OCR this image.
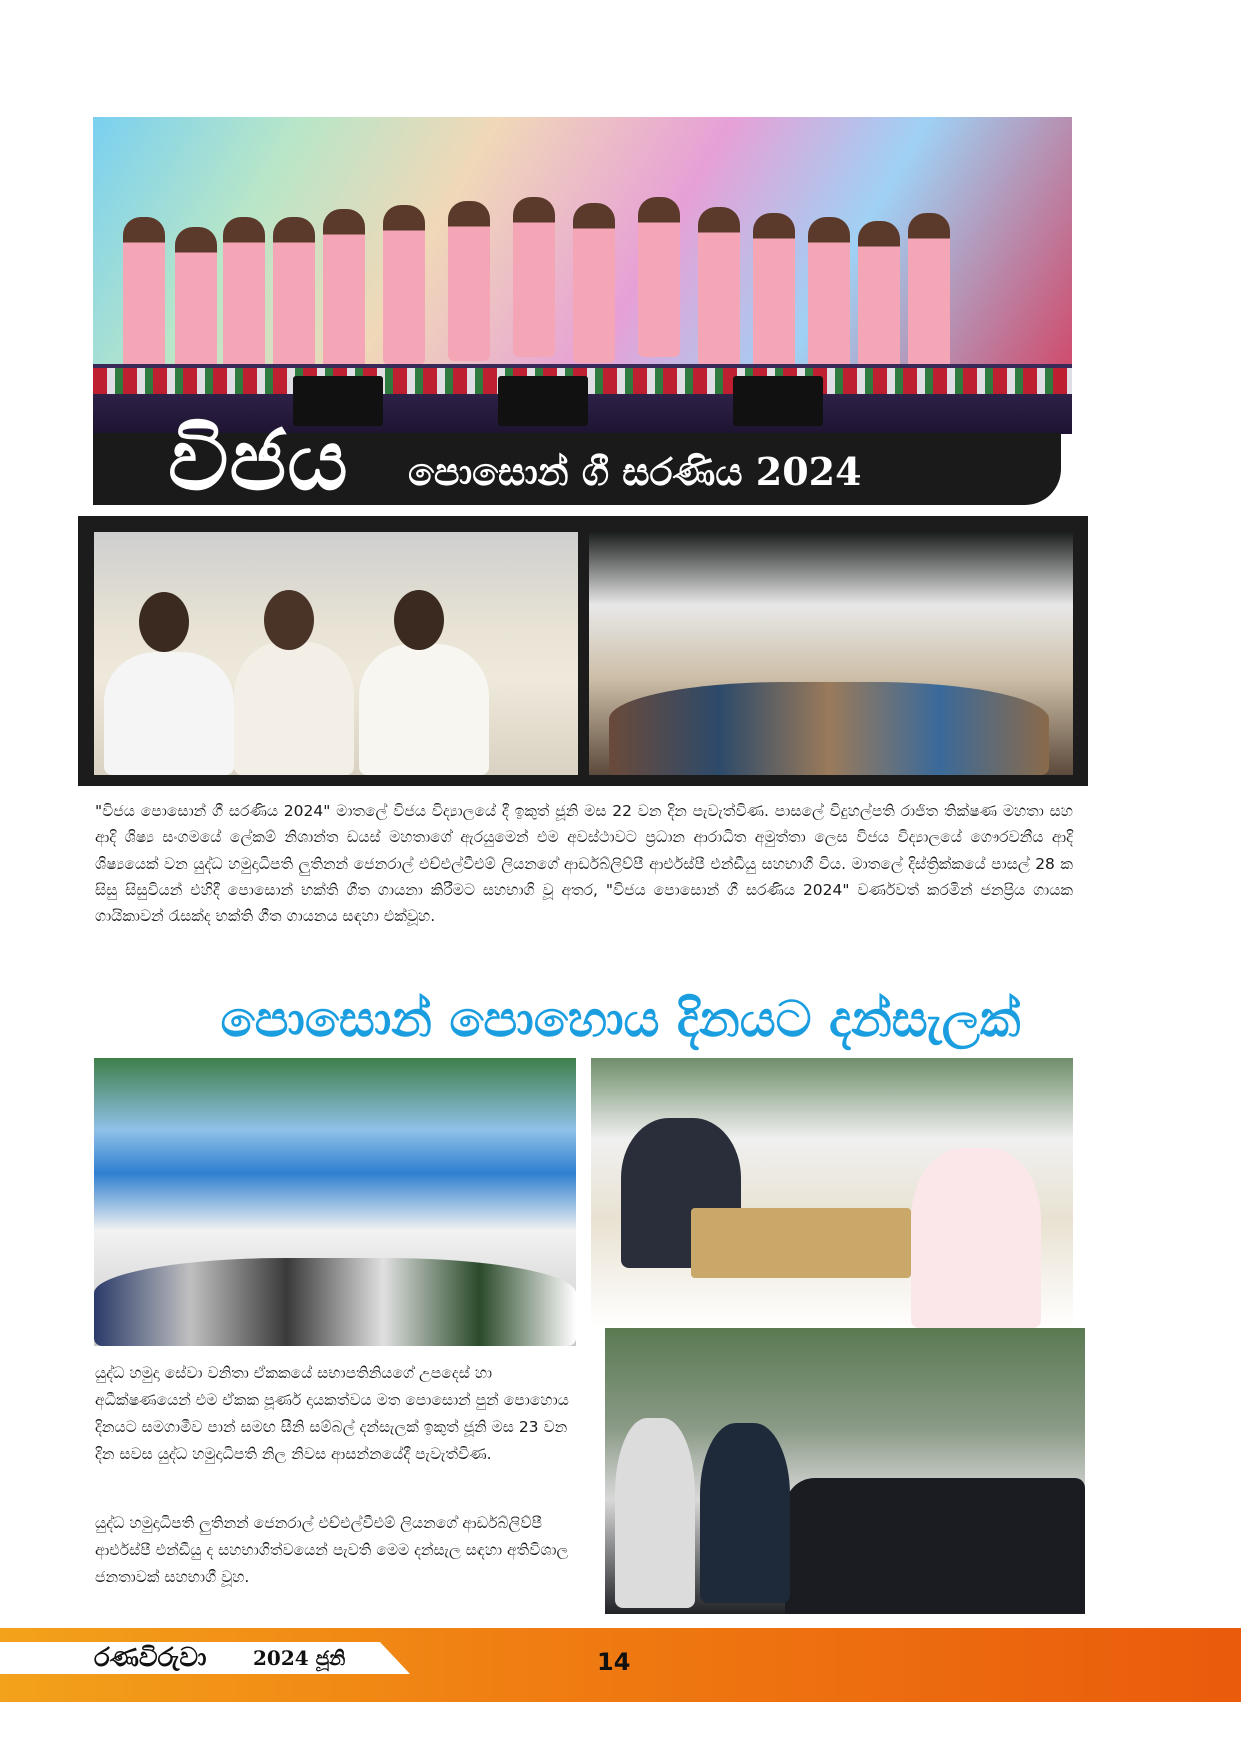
විජය පොසොන් ගී සරණිය 2024

"විජය පොසොන් ගී සරණිය 2024" මාතලේ විජය විද්‍යාලයේ දී ඉකුත් ජූනි මස 22 වන දින පැවැත්විණ. පාසලේ විදුහල්පති රාජිත තික්ෂණ මහතා සහ ආදි ශිෂ්‍ය සංගමයේ ලේකම් නිශාන්ත ඩයස් මහතාගේ ඇරයුමෙන් එම අවස්ථාවට ප්‍රධාන ආරාධිත අමුත්තා ලෙස විජය විද්‍යාලයේ ගෞරවනීය ආදි ශිෂ්‍යයෙක් වන යුද්ධ හමුදාධිපති ලුතිනන් ජෙනරාල් එච්එල්වීඑම් ලියනගේ ආර්ඩබ්ලිව්පී ආර්එස්පී එන්ඩීයු සහභාගී විය. මාතලේ දිස්ත්‍රික්කයේ පාසල් 28 ක සිසු සිසුවියන් එහිදී පොසොන් භක්ති ගීත ගායනා කිරීමට සහභාගි වූ අතර, "විජය පොසොන් ගී සරණිය 2024" වර්ණවත් කරමින් ජනප්‍රිය ගායක ගායිකාවන් රැසක්ද භක්ති ගීත ගායනය සඳහා එක්වූහ.

පොසොන් පොහොය දිනයට දන්සැලක්

යුද්ධ හමුදා සේවා වනිතා ඒකකයේ සභාපතිනියගේ උපදෙස් හා අධීක්ෂණයෙන් එම ඒකක පූර්ණ දායකත්වය මත පොසොන් පුන් පොහොය දිනයට සමගාමීව පාන් සමඟ සීනි සම්බල් දන්සැලක් ඉකුත් ජූනි මස 23 වන දින සවස යුද්ධ හමුදාධිපති නිල නිවස ආසන්නයේදී පැවැත්විණ.

යුද්ධ හමුදාධිපති ලුතිනන් ජෙනරාල් එච්එල්වීඑම් ලියනගේ ආර්ඩබ්ලිව්පී ආර්එස්පී එන්ඩීයු ද සහභාගිත්වයෙන් පැවති මෙම දන්සැල සඳහා අතිවිශාල ජනතාවක් සහභාගී වූහ.

රණවිරුවා 2024 ජූනි	14
